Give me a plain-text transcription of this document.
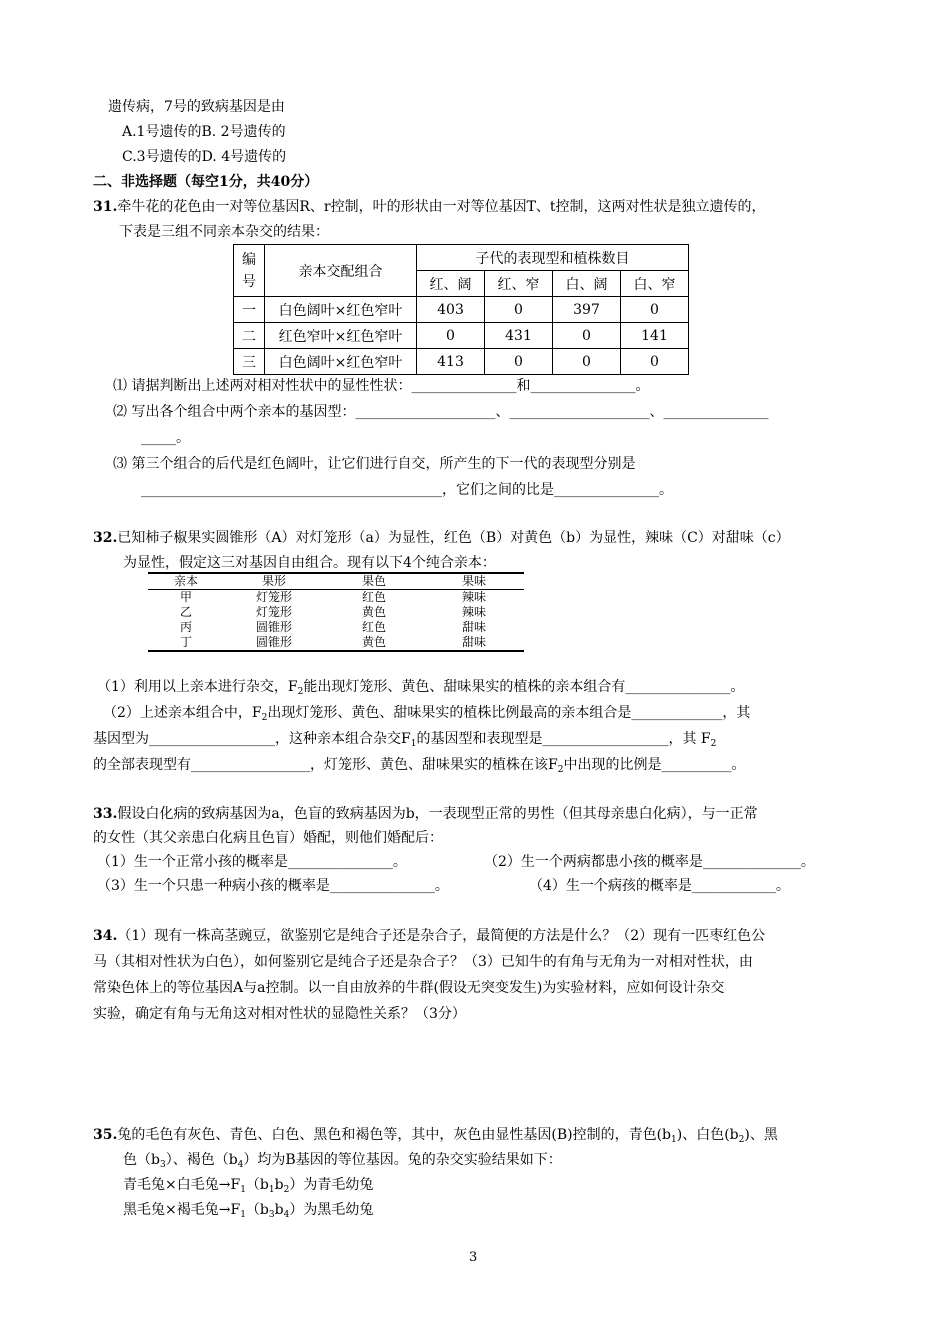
遗传病，7号的致病基因是由
A.1号遗传的B. 2号遗传的
C.3号遗传的D. 4号遗传的
二、非选择题（每空1分，共40分）
31.牵牛花的花色由一对等位基因R、r控制，叶的形状由一对等位基因T、t控制，这两对性状是独立遗传的，
下表是三组不同亲本杂交的结果：
编
号	亲本交配组合	子代的表现型和植株数目			
		红、阔	红、窄	白、阔	白、窄
一	白色阔叶×红色窄叶	403	0	397	0
二	红色窄叶×红色窄叶	0	431	0	141
三	白色阔叶×红色窄叶	413	0	0	0
⑴ 请据判断出上述两对相对性状中的显性性状：_______________和_______________。
⑵ 写出各个组合中两个亲本的基因型：____________________、____________________、_______________
_____。
⑶ 第三个组合的后代是红色阔叶，让它们进行自交，所产生的下一代的表现型分别是
___________________________________________，它们之间的比是_______________。
32.已知柿子椒果实圆锥形（A）对灯笼形（a）为显性，红色（B）对黄色（b）为显性，辣味（C）对甜味（c）
为显性，假定这三对基因自由组合。现有以下4个纯合亲本：
亲本	果形	果色	果味
甲	灯笼形	红色	辣味
乙	灯笼形	黄色	辣味
丙	圆锥形	红色	甜味
丁	圆锥形	黄色	甜味
（1）利用以上亲本进行杂交，$F_2$能出现灯笼形、黄色、甜味果实的植株的亲本组合有_______________。
（2）上述亲本组合中，$F_2$出现灯笼形、黄色、甜味果实的植株比例最高的亲本组合是_____________，其
基因型为__________________，这种亲本组合杂交$F_1$的基因型和表现型是__________________，其 $F_2$
的全部表现型有_________________，灯笼形、黄色、甜味果实的植株在该$F_2$中出现的比例是__________。
33.假设白化病的致病基因为a，色盲的致病基因为b，一表现型正常的男性（但其母亲患白化病），与一正常
的女性（其父亲患白化病且色盲）婚配，则他们婚配后：
（1）生一个正常小孩的概率是_______________。	（2）生一个两病都患小孩的概率是______________。
（3）生一个只患一种病小孩的概率是_______________。	（4）生一个病孩的概率是____________。
34.（1）现有一株高茎豌豆，欲鉴别它是纯合子还是杂合子，最简便的方法是什么？（2）现有一匹枣红色公
马（其相对性状为白色），如何鉴别它是纯合子还是杂合子？（3）已知牛的有角与无角为一对相对性状，由
常染色体上的等位基因A与a控制。以一自由放养的牛群(假设无突变发生)为实验材料，应如何设计杂交
实验，确定有角与无角这对相对性状的显隐性关系？（3分）
35.兔的毛色有灰色、青色、白色、黑色和褐色等，其中，灰色由显性基因(B)控制的，青色$(b_1)$、白色$(b_2)$、黑
色$(b_3)$、褐色$(b_4)$均为B基因的等位基因。兔的杂交实验结果如下：
青毛兔×白毛兔$\to F_1(b_1b_2)$为青毛幼兔
黑毛兔×褐毛兔$\to F_1(b_3b_4)$为黑毛幼兔
3
